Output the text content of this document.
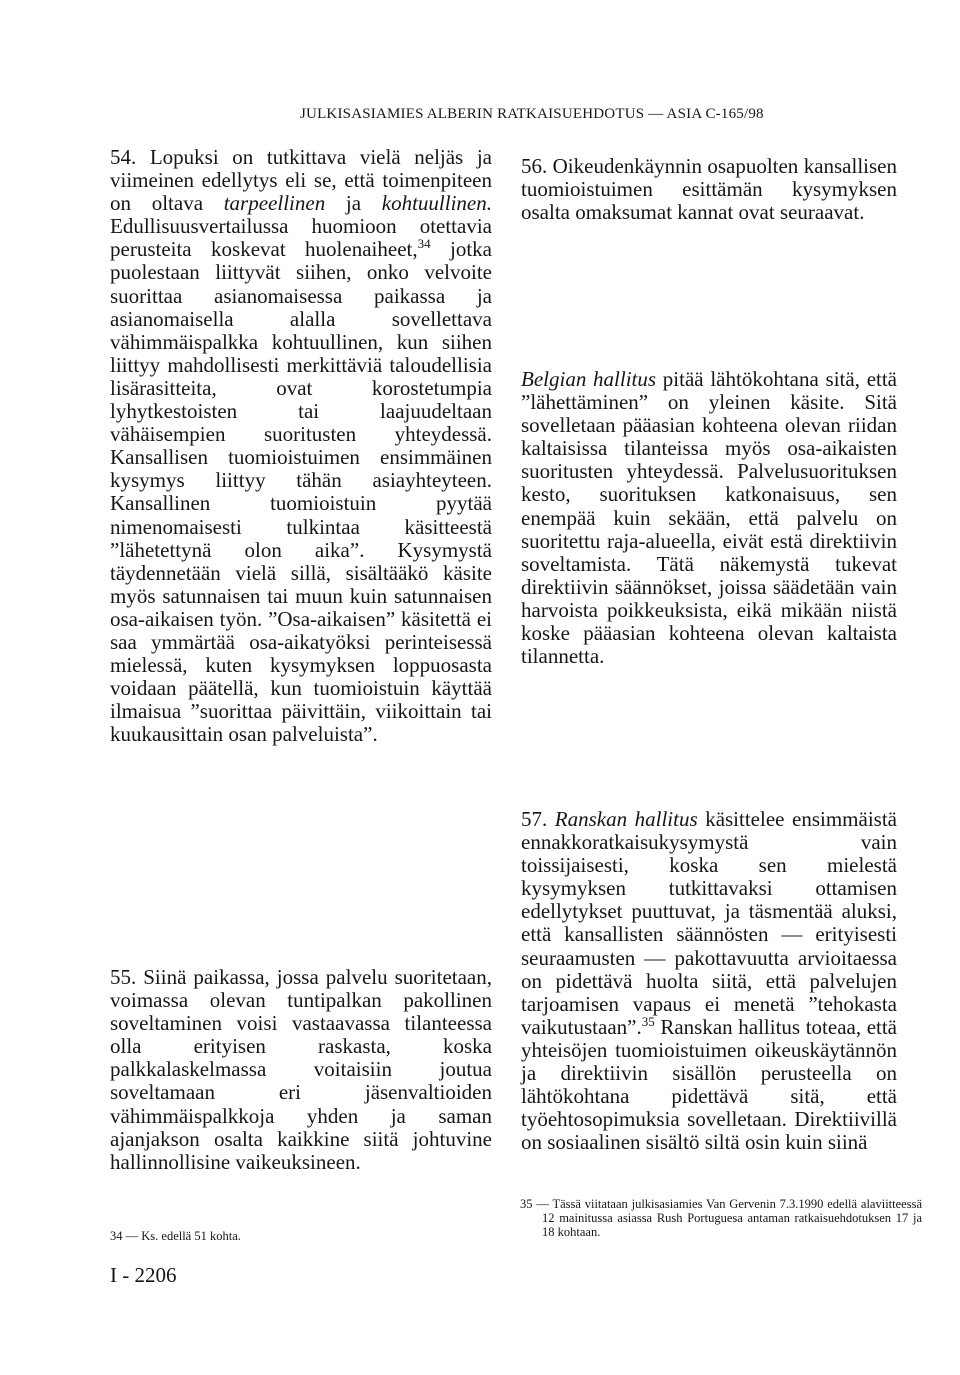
JULKISASIAMIES ALBERIN RATKAISUEHDOTUS — ASIA C-165/98

54. Lopuksi on tutkittava vielä neljäs ja viimeinen edellytys eli se, että toimenpiteen on oltava tarpeellinen ja kohtuullinen. Edullisuusvertailussa huomioon otettavia perusteita koskevat huolenaiheet,$^{34}$ jotka puolestaan liittyvät siihen, onko velvoite suorittaa asianomaisessa paikassa ja asianomaisella alalla sovellettava vähimmäispalkka kohtuullinen, kun siihen liittyy mahdollisesti merkittäviä taloudellisia lisärasitteita, ovat korostetumpia lyhytkestoisten tai laajuudeltaan vähäisempien suoritusten yhteydessä. Kansallisen tuomioistuimen ensimmäinen kysymys liittyy tähän asiayhteyteen. Kansallinen tuomioistuin pyytää nimenomaisesti tulkintaa käsitteestä ”lähetettynä olon aika”. Kysymystä täydennetään vielä sillä, sisältääkö käsite myös satunnaisen tai muun kuin satunnaisen osa-aikaisen työn. ”Osa-aikaisen” käsitettä ei saa ymmärtää osa-aikatyöksi perinteisessä mielessä, kuten kysymyksen loppuosasta voidaan päätellä, kun tuomioistuin käyttää ilmaisua ”suorittaa päivittäin, viikoittain tai kuukausittain osan palveluista”.

55. Siinä paikassa, jossa palvelu suoritetaan, voimassa olevan tuntipalkan pakollinen soveltaminen voisi vastaavassa tilanteessa olla erityisen raskasta, koska palkkalaskelmassa voitaisiin joutua soveltamaan eri jäsenvaltioiden vähimmäispalkkoja yhden ja saman ajanjakson osalta kaikkine siitä johtuvine hallinnollisine vaikeuksineen.

34 — Ks. edellä 51 kohta.

56. Oikeudenkäynnin osapuolten kansallisen tuomioistuimen esittämän kysymyksen osalta omaksumat kannat ovat seuraavat.

Belgian hallitus pitää lähtökohtana sitä, että ”lähettäminen” on yleinen käsite. Sitä sovelletaan pääasian kohteena olevan riidan kaltaisissa tilanteissa myös osa-aikaisten suoritusten yhteydessä. Palvelusuorituksen kesto, suorituksen katkonaisuus, sen enempää kuin sekään, että palvelu on suoritettu raja-alueella, eivät estä direktiivin soveltamista. Tätä näkemystä tukevat direktiivin säännökset, joissa säädetään vain harvoista poikkeuksista, eikä mikään niistä koske pääasian kohteena olevan kaltaista tilannetta.

57. Ranskan hallitus käsittelee ensimmäistä ennakkoratkaisukysymystä vain toissijaisesti, koska sen mielestä kysymyksen tutkittavaksi ottamisen edellytykset puuttuvat, ja täsmentää aluksi, että kansallisten säännösten — erityisesti seuraamusten — pakottavuutta arvioitaessa on pidettävä huolta siitä, että palvelujen tarjoamisen vapaus ei menetä ”tehokasta vaikutustaan”.$^{35}$ Ranskan hallitus toteaa, että yhteisöjen tuomioistuimen oikeuskäytännön ja direktiivin sisällön perusteella on lähtökohtana pidettävä sitä, että työehtosopimuksia sovelletaan. Direktiivillä on sosiaalinen sisältö siltä osin kuin siinä

35 — Tässä viitataan julkisasiamies Van Gervenin 7.3.1990 edellä alaviitteessä 12 mainitussa asiassa Rush Portuguesa antaman ratkaisuehdotuksen 17 ja 18 kohtaan.
I - 2206
